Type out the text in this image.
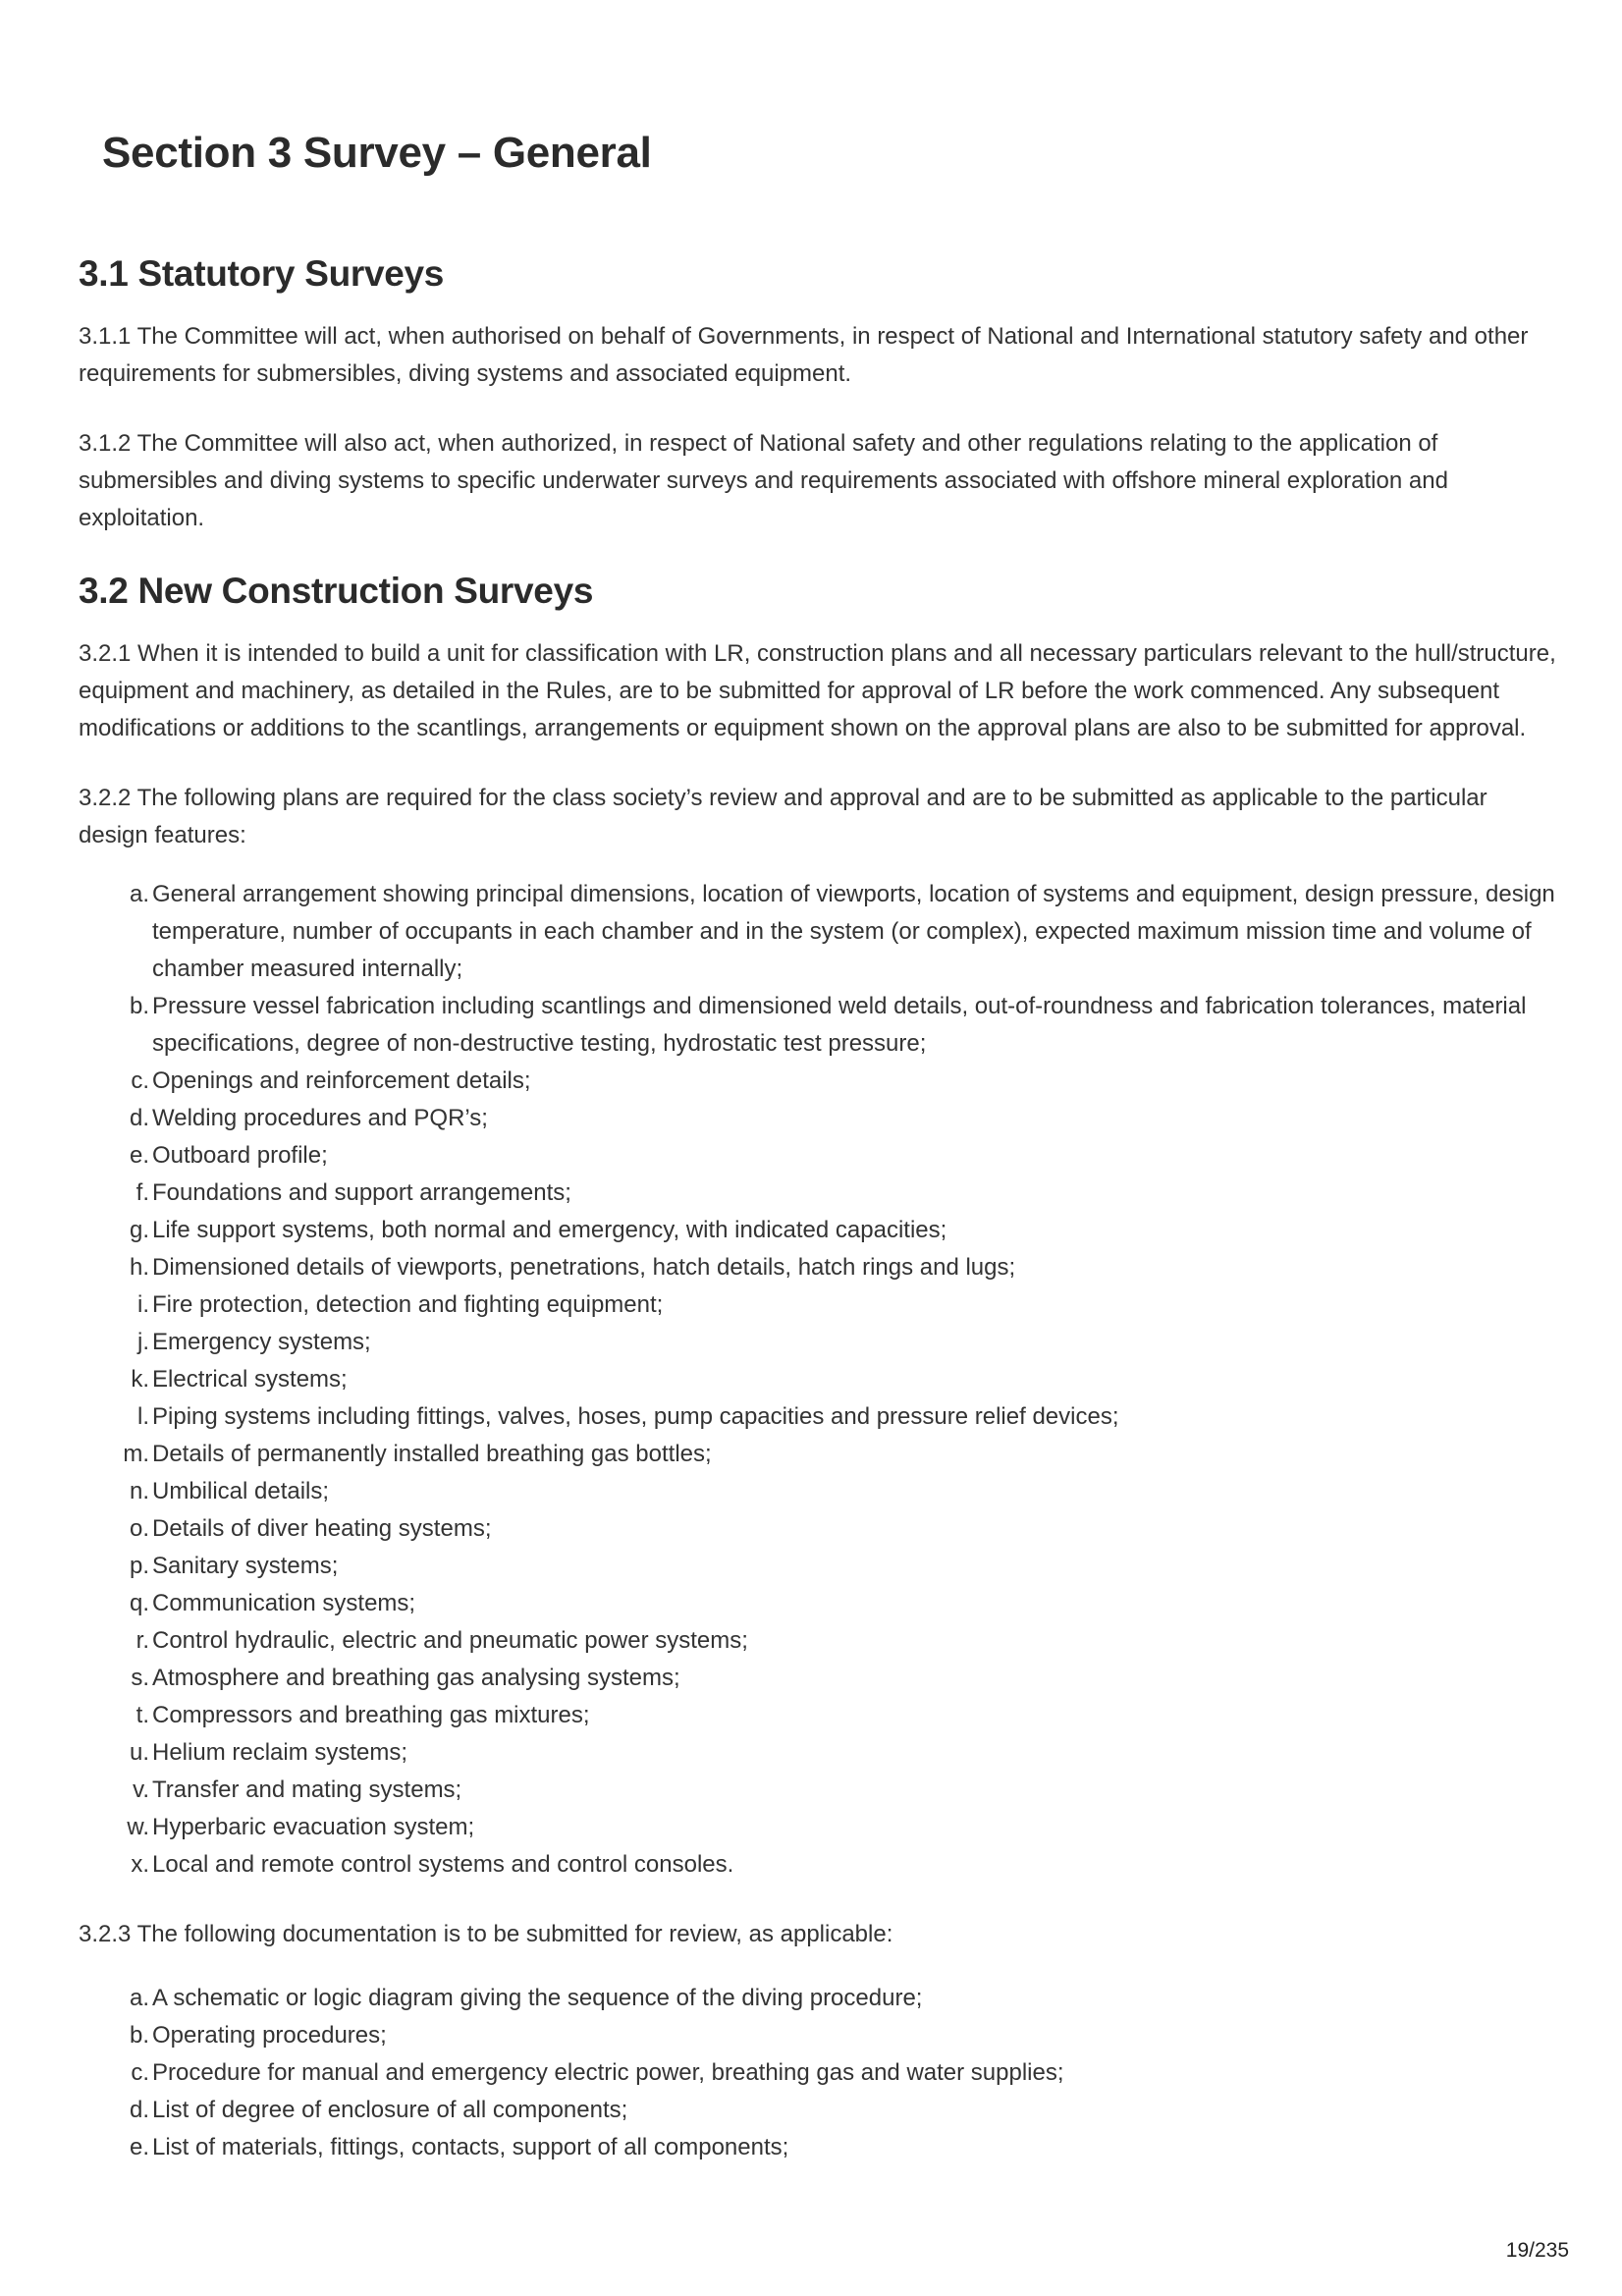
Section 3 Survey – General
3.1 Statutory Surveys

3.1.1 The Committee will act, when authorised on behalf of Governments, in respect of National and International statutory safety and other requirements for submersibles, diving systems and associated equipment.

3.1.2 The Committee will also act, when authorized, in respect of National safety and other regulations relating to the application of submersibles and diving systems to specific underwater surveys and requirements associated with offshore mineral exploration and exploitation.

3.2 New Construction Surveys

3.2.1 When it is intended to build a unit for classification with LR, construction plans and all necessary particulars relevant to the hull/structure, equipment and machinery, as detailed in the Rules, are to be submitted for approval of LR before the work commenced. Any subsequent modifications or additions to the scantlings, arrangements or equipment shown on the approval plans are also to be submitted for approval.

3.2.2 The following plans are required for the class society’s review and approval and are to be submitted as applicable to the particular design features:

a. General arrangement showing principal dimensions, location of viewports, location of systems and equipment, design pressure, design temperature, number of occupants in each chamber and in the system (or complex), expected maximum mission time and volume of chamber measured internally;
b. Pressure vessel fabrication including scantlings and dimensioned weld details, out-of-roundness and fabrication tolerances, material specifications, degree of non-destructive testing, hydrostatic test pressure;
c. Openings and reinforcement details;
d. Welding procedures and PQR’s;
e. Outboard profile;
f. Foundations and support arrangements;
g. Life support systems, both normal and emergency, with indicated capacities;
h. Dimensioned details of viewports, penetrations, hatch details, hatch rings and lugs;
i. Fire protection, detection and fighting equipment;
j. Emergency systems;
k. Electrical systems;
l. Piping systems including fittings, valves, hoses, pump capacities and pressure relief devices;
m. Details of permanently installed breathing gas bottles;
n. Umbilical details;
o. Details of diver heating systems;
p. Sanitary systems;
q. Communication systems;
r. Control hydraulic, electric and pneumatic power systems;
s. Atmosphere and breathing gas analysing systems;
t. Compressors and breathing gas mixtures;
u. Helium reclaim systems;
v. Transfer and mating systems;
w. Hyperbaric evacuation system;
x. Local and remote control systems and control consoles.

3.2.3 The following documentation is to be submitted for review, as applicable:

a. A schematic or logic diagram giving the sequence of the diving procedure;
b. Operating procedures;
c. Procedure for manual and emergency electric power, breathing gas and water supplies;
d. List of degree of enclosure of all components;
e. List of materials, fittings, contacts, support of all components;
19/235
